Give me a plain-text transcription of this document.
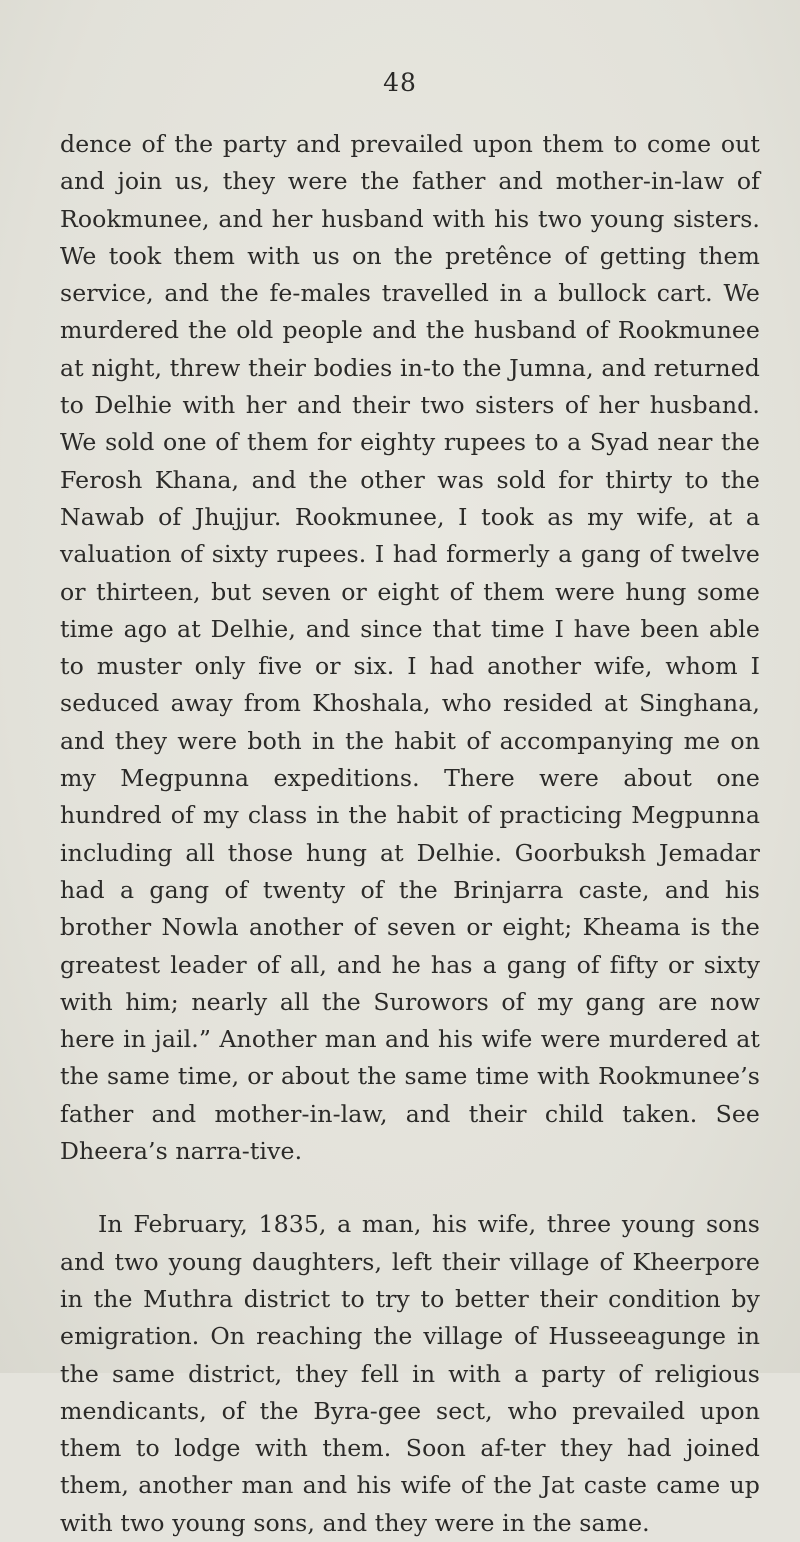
48

dence of the party and prevailed upon them to come out and join us, they were the father and mother-in-law of Rookmunee, and her husband with his two young sisters. We took them with us on the pretênce of getting them service, and the fe-males travelled in a bullock cart. We murdered the old people and the husband of Rookmunee at night, threw their bodies in-to the Jumna, and returned to Delhie with her and their two sisters of her husband. We sold one of them for eighty rupees to a Syad near the Ferosh Khana, and the other was sold for thirty to the Nawab of Jhujjur. Rookmunee, I took as my wife, at a valuation of sixty rupees. I had formerly a gang of twelve or thirteen, but seven or eight of them were hung some time ago at Delhie, and since that time I have been able to muster only five or six. I had another wife, whom I seduced away from Khoshala, who resided at Singhana, and they were both in the habit of accompanying me on my Megpunna expeditions. There were about one hundred of my class in the habit of practicing Megpunna including all those hung at Delhie. Goorbuksh Jemadar had a gang of twenty of the Brinjarra caste, and his brother Nowla another of seven or eight; Kheama is the greatest leader of all, and he has a gang of fifty or sixty with him; nearly all the Surowors of my gang are now here in jail.” Another man and his wife were murdered at the same time, or about the same time with Rookmunee’s father and mother-in-law, and their child taken. See Dheera’s narra-tive.

In February, 1835, a man, his wife, three young sons and two young daughters, left their village of Kheerpore in the Muthra district to try to better their condition by emigration. On reaching the village of Husseeagunge in the same district, they fell in with a party of religious mendicants, of the Byra-gee sect, who prevailed upon them to lodge with them. Soon af-ter they had joined them, another man and his wife of the Jat caste came up with two young sons, and they were in the same.
